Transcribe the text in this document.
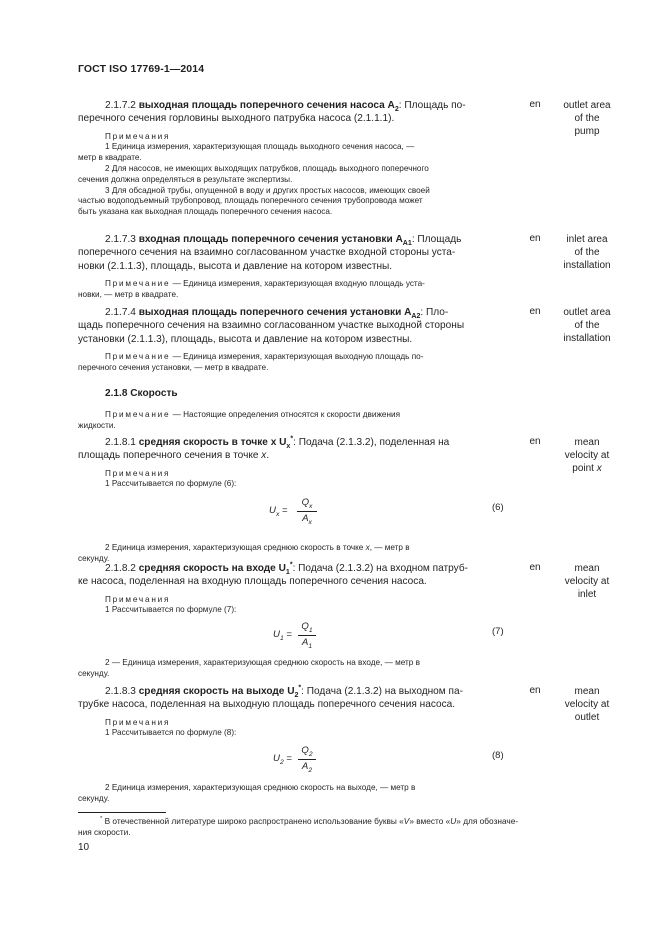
ГОСТ ISO 17769-1—2014
2.1.7.2 выходная площадь поперечного сечения насоса $A_2$: Площадь по-
перечного сечения горловины выходного патрубка насоса (2.1.1.1).
Примечания
1 Единица измерения, характеризующая площадь выходного сечения насоса, —
метр в квадрате.
2 Для насосов, не имеющих выходящих патрубков, площадь выходного поперечного
сечения должна определяться в результате экспертизы.
3 Для обсадной трубы, опущенной в воду и других простых насосов, имеющих своей
частью водоподъемный трубопровод, площадь поперечного сечения трубопровода может
быть указана как выходная площадь поперечного сечения насоса.
en	outlet area
of the
pump
2.1.7.3 входная площадь поперечного сечения установки $A_{A1}$: Площадь
поперечного сечения на взаимно согласованном участке входной стороны уста-
новки (2.1.1.3), площадь, высота и давление на котором известны.
Примечание — Единица измерения, характеризующая входную площадь уста-
новки, — метр в квадрате.
en	inlet area
of the
installation
2.1.7.4 выходная площадь поперечного сечения установки $A_{A2}$: Пло-
щадь поперечного сечения на взаимно согласованном участке выходной стороны
установки (2.1.1.3), площадь, высота и давление на котором известны.
Примечание — Единица измерения, характеризующая выходную площадь по-
перечного сечения установки, — метр в квадрате.
en	outlet area
of the
installation
2.1.8 Скорость
Примечание — Настоящие определения относятся к скорости движения
жидкости.
2.1.8.1 средняя скорость в точке x $U_x^*$: Подача (2.1.3.2), поделенная на
площадь поперечного сечения в точке x.
Примечания
1 Рассчитывается по формуле (6):
en	mean
velocity at
point x
$U_x$ =
$Q_x$
$A_x$
(6)
2 Единица измерения, характеризующая среднюю скорость в точке x, — метр в
секунду.
2.1.8.2 средняя скорость на входе $U_1^*$: Подача (2.1.3.2) на входном патруб-
ке насоса, поделенная на входную площадь поперечного сечения насоса.
Примечания
1 Рассчитывается по формуле (7):
en	mean
velocity at
inlet
$U_1$ =
$Q_1$
$A_1$
(7)
2 — Единица измерения, характеризующая среднюю скорость на входе, — метр в
секунду.
2.1.8.3 средняя скорость на выходе $U_2^*$: Подача (2.1.3.2) на выходном па-
трубке насоса, поделенная на выходную площадь поперечного сечения насоса.
Примечания
1 Рассчитывается по формуле (8):
en	mean
velocity at
outlet
$U_2$ =
$Q_2$
$A_2$
(8)
2 Единица измерения, характеризующая среднюю скорость на выходе, — метр в
секунду.
* В отечественной литературе широко распространено использование буквы «V» вместо «U» для обозначе-
ния скорости.
10
